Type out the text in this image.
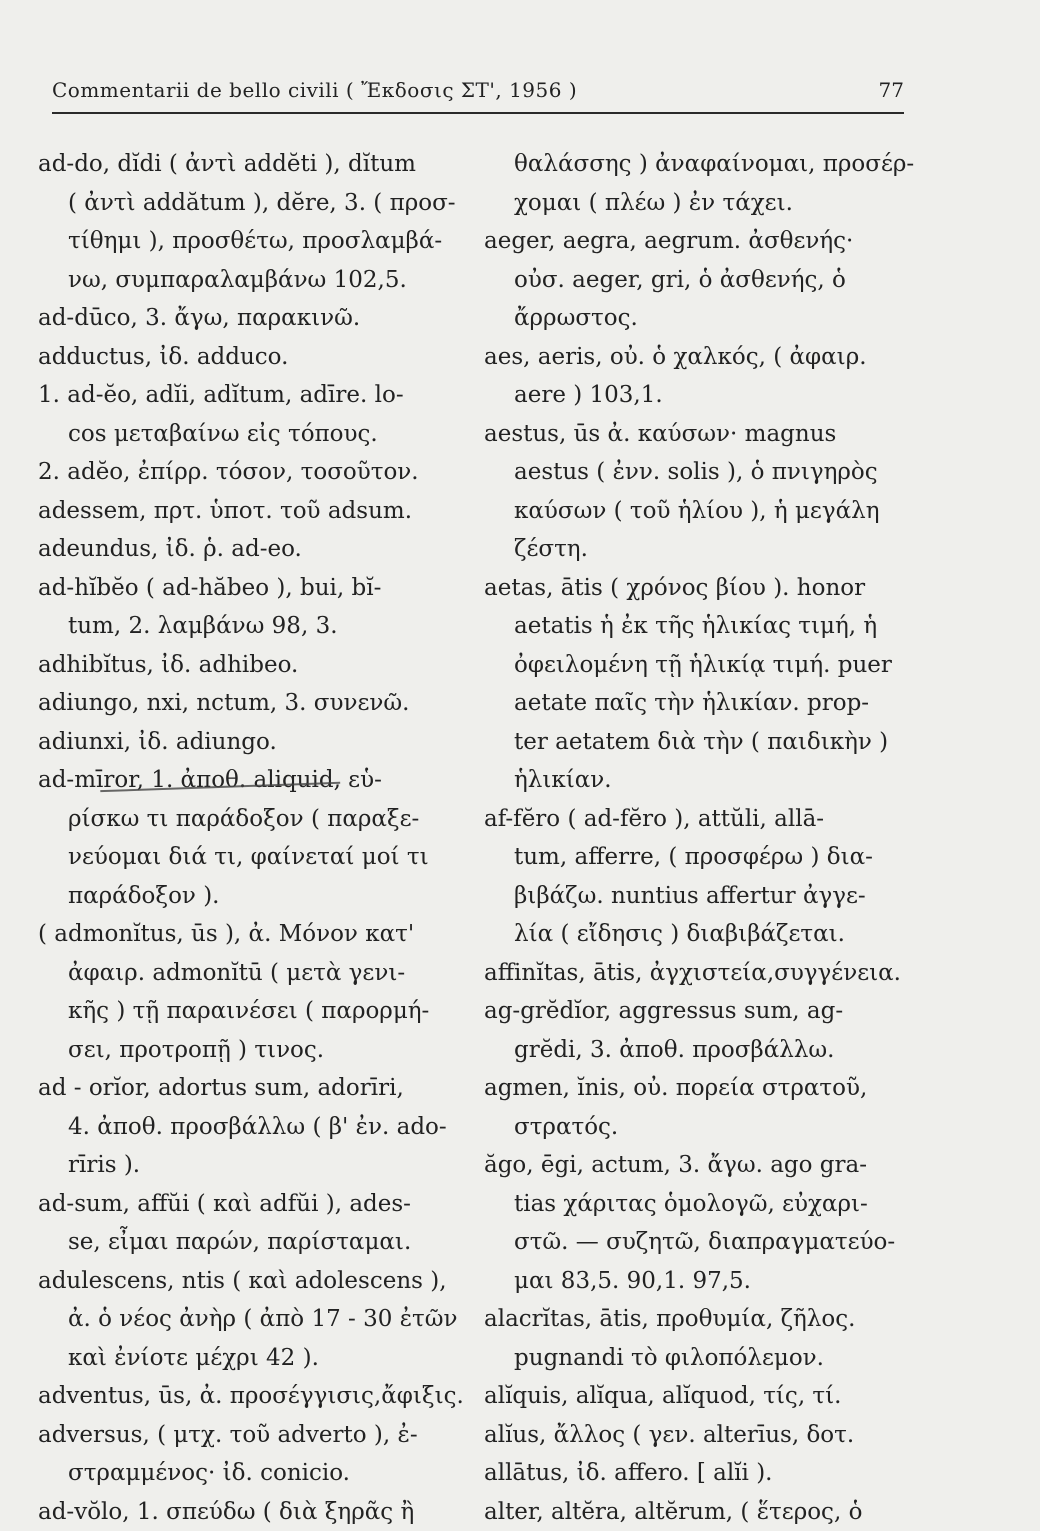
Commentarii de bello civili ( Ἔκδοσις ΣΤ', 1956 )	77
ad-do, dĭdi ( ἀντὶ addĕti ), dĭtum
( ἀντὶ addătum ), dĕre, 3. ( προσ-
τίθημι ), προσθέτω, προσλαμβά-
νω, συμπαραλαμβάνω 102,5.
ad-dūco, 3. ἄγω, παρακινῶ.
adductus, ἰδ. adduco.
1. ad-ĕo, adĭi, adĭtum, adīre. lo-
cos μεταβαίνω εἰς τόπους.
2. adĕo, ἐπίρρ. τόσον, τοσοῦτον.
adessem, πρτ. ὑποτ. τοῦ adsum.
adeundus, ἰδ. ῥ. ad-eo.
ad-hĭbĕo ( ad-hăbeo ), bui, bĭ-
tum, 2. λαμβάνω 98, 3.
adhibĭtus, ἰδ. adhibeo.
adiungo, nxi, nctum, 3. συνενῶ.
adiunxi, ἰδ. adiungo.
ad-mīror, 1. ἀποθ. aliquid, εὑ-
ρίσκω τι παράδοξον ( παραξε-
νεύομαι διά τι, φαίνεταί μοί τι
παράδοξον ).
( admonĭtus, ūs ), ἀ. Μόνον κατ'
ἀφαιρ. admonĭtū ( μετὰ γενι-
κῆς ) τῇ παραινέσει ( παρορμή-
σει, προτροπῇ ) τινος.
ad - orĭor, adortus sum, adorīri,
4. ἀποθ. προσβάλλω ( β' ἐν. ado-
rīris ).
ad-sum, affŭi ( καὶ adfŭi ), ades-
se, εἶμαι παρών, παρίσταμαι.
adulescens, ntis ( καὶ adolescens ),
ἀ. ὁ νέος ἀνὴρ ( ἀπὸ 17 - 30 ἐτῶν
καὶ ἐνίοτε μέχρι 42 ).
adventus, ūs, ἀ. προσέγγισις,ἄφιξις.
adversus, ( μτχ. τοῦ adverto ), ἐ-
στραμμένος· ἰδ. conicio.
ad-vŏlo, 1. σπεύδω ( διὰ ξηρᾶς ἢ
θαλάσσης ) ἀναφαίνομαι, προσέρ-
χομαι ( πλέω ) ἐν τάχει.
aeger, aegra, aegrum. ἀσθενής·
οὐσ. aeger, gri, ὁ ἀσθενής, ὁ
ἄρρωστος.
aes, aeris, οὐ. ὁ χαλκός, ( ἀφαιρ.
aere ) 103,1.
aestus, ūs ἀ. καύσων· magnus
aestus ( ἐνν. solis ), ὁ πνιγηρὸς
καύσων ( τοῦ ἡλίου ), ἡ μεγάλη
ζέστη.
aetas, ātis ( χρόνος βίου ). honor
aetatis ἡ ἐκ τῆς ἡλικίας τιμή, ἡ
ὀφειλομένη τῇ ἡλικίᾳ τιμή. puer
aetate παῖς τὴν ἡλικίαν. prop-
ter aetatem διὰ τὴν ( παιδικὴν )
ἡλικίαν.
af-fĕro ( ad-fĕro ), attŭli, allā-
tum, afferre, ( προσφέρω ) δια-
βιβάζω. nuntius affertur ἀγγε-
λία ( εἴδησις ) διαβιβάζεται.
affinĭtas, ātis, ἀγχιστεία,συγγένεια.
ag-grĕdĭor, aggressus sum, ag-
grĕdi, 3. ἀποθ. προσβάλλω.
agmen, ĭnis, οὐ. πορεία στρατοῦ,
στρατός.
ăgo, ēgi, actum, 3. ἄγω. ago gra-
tias χάριτας ὁμολογῶ, εὐχαρι-
στῶ. — συζητῶ, διαπραγματεύο-
μαι 83,5. 90,1. 97,5.
alacrĭtas, ātis, προθυμία, ζῆλος.
pugnandi τὸ φιλοπόλεμον.
alĭquis, alĭqua, alĭquod, τίς, τί.
alĭus, ἄλλος ( γεν. alterīus, δοτ.
allātus, ἰδ. affero. [ alĭi ).
alter, altĕra, altĕrum, ( ἕτερος, ὁ
